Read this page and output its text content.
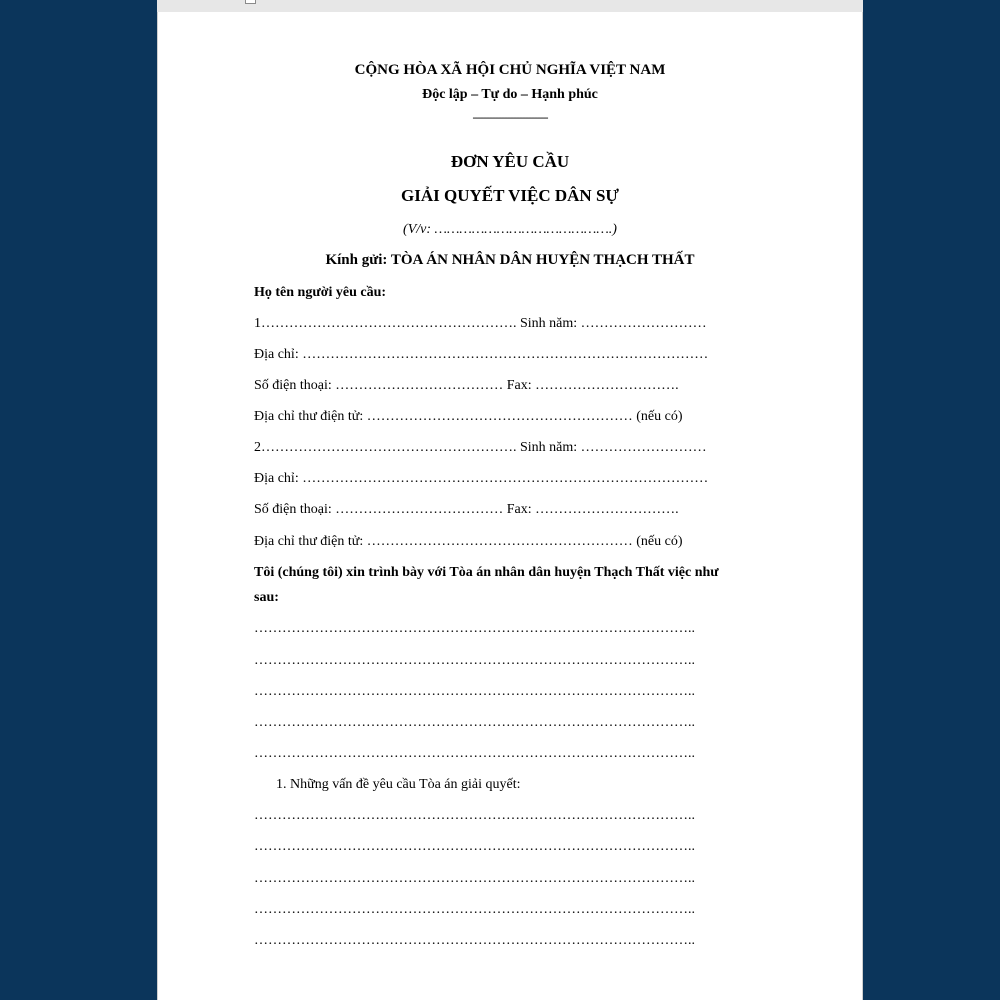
CỘNG HÒA XÃ HỘI CHỦ NGHĨA VIỆT NAM
Độc lập – Tự do – Hạnh phúc
-------------------------
ĐƠN YÊU CẦU
GIẢI QUYẾT VIỆC DÂN SỰ
(V/v: …………………………………….)
Kính gửi: TÒA ÁN NHÂN DÂN HUYỆN THẠCH THẤT
Họ tên người yêu cầu:
1………………………………………………. Sinh năm: ………………………
Địa chỉ: ……………………………………………………………………………
Số điện thoại: ……………………………… Fax: ………………………….
Địa chỉ thư điện tử: ………………………………………………… (nếu có)
2………………………………………………. Sinh năm: ………………………
Địa chỉ: ……………………………………………………………………………
Số điện thoại: ……………………………… Fax: ………………………….
Địa chỉ thư điện tử: ………………………………………………… (nếu có)
Tôi (chúng tôi) xin trình bày với Tòa án nhân dân huyện Thạch Thất việc như
sau:
…………………………………………………………………………………..
…………………………………………………………………………………..
…………………………………………………………………………………..
…………………………………………………………………………………..
…………………………………………………………………………………..
1. Những vấn đề yêu cầu Tòa án giải quyết:
…………………………………………………………………………………..
…………………………………………………………………………………..
…………………………………………………………………………………..
…………………………………………………………………………………..
…………………………………………………………………………………..
